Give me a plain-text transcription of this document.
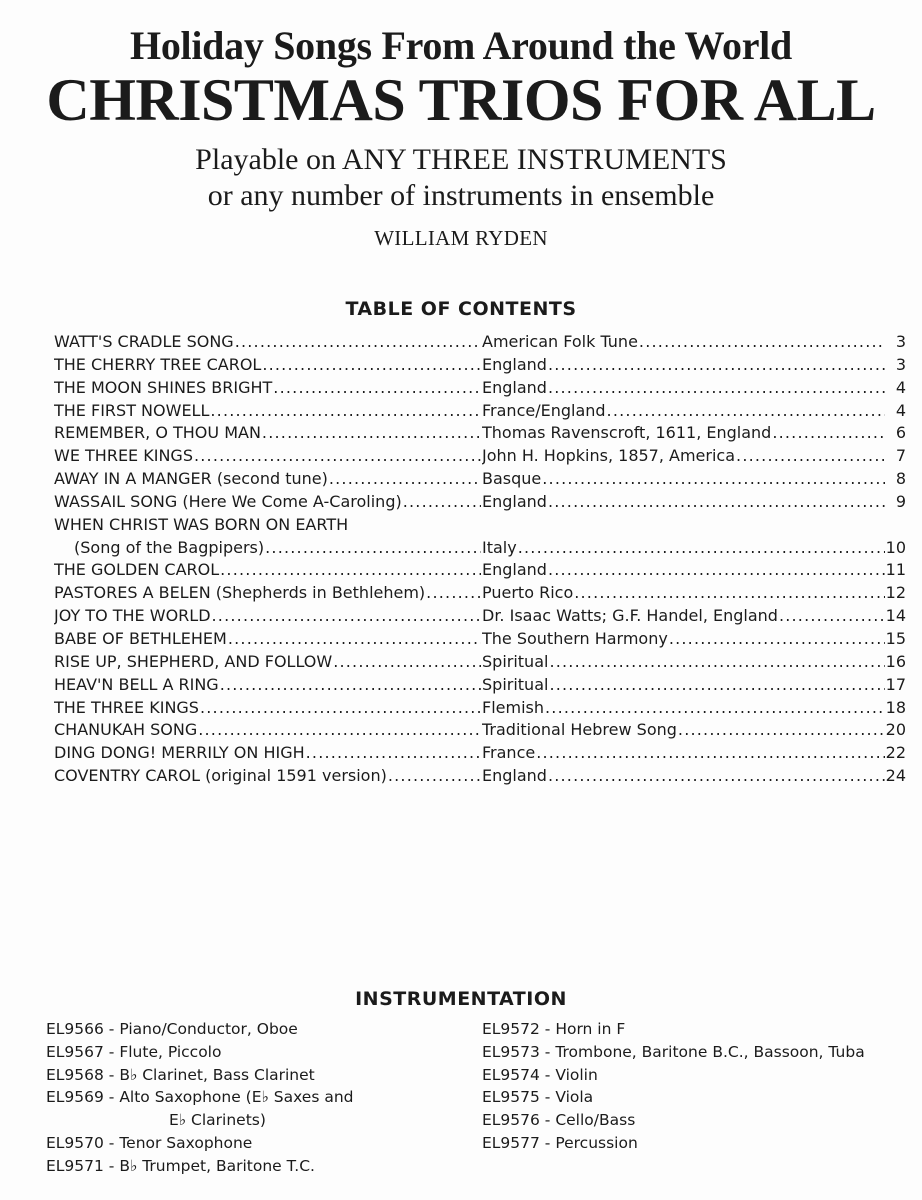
Holiday Songs From Around the World
CHRISTMAS TRIOS FOR ALL
Playable on ANY THREE INSTRUMENTS
or any number of instruments in ensemble
WILLIAM RYDEN
TABLE OF CONTENTS
WATT'S CRADLE SONG .....	American Folk Tune .....	3
THE CHERRY TREE CAROL .....	England .....	3
THE MOON SHINES BRIGHT .....	England .....	4
THE FIRST NOWELL .....	France/England .....	4
REMEMBER, O THOU MAN .....	Thomas Ravenscroft, 1611, England .....	6
WE THREE KINGS .....	John H. Hopkins, 1857, America .....	7
AWAY IN A MANGER (second tune) .....	Basque .....	8
WASSAIL SONG (Here We Come A-Caroling) .....	England .....	9
WHEN CHRIST WAS BORN ON EARTH
(Song of the Bagpipers) .....	Italy .....	10
THE GOLDEN CAROL .....	England .....	11
PASTORES A BELEN (Shepherds in Bethlehem) .....	Puerto Rico .....	12
JOY TO THE WORLD .....	Dr. Isaac Watts; G.F. Handel, England .....	14
BABE OF BETHLEHEM .....	The Southern Harmony .....	15
RISE UP, SHEPHERD, AND FOLLOW .....	Spiritual .....	16
HEAV'N BELL A RING .....	Spiritual .....	17
THE THREE KINGS .....	Flemish .....	18
CHANUKAH SONG .....	Traditional Hebrew Song .....	20
DING DONG! MERRILY ON HIGH .....	France .....	22
COVENTRY CAROL (original 1591 version) .....	England .....	24
INSTRUMENTATION
EL9566 - Piano/Conductor, Oboe
EL9567 - Flute, Piccolo
EL9568 - B♭ Clarinet, Bass Clarinet
EL9569 - Alto Saxophone (E♭ Saxes and
E♭ Clarinets)
EL9570 - Tenor Saxophone
EL9571 - B♭ Trumpet, Baritone T.C.
EL9572 - Horn in F
EL9573 - Trombone, Baritone B.C., Bassoon, Tuba
EL9574 - Violin
EL9575 - Viola
EL9576 - Cello/Bass
EL9577 - Percussion
